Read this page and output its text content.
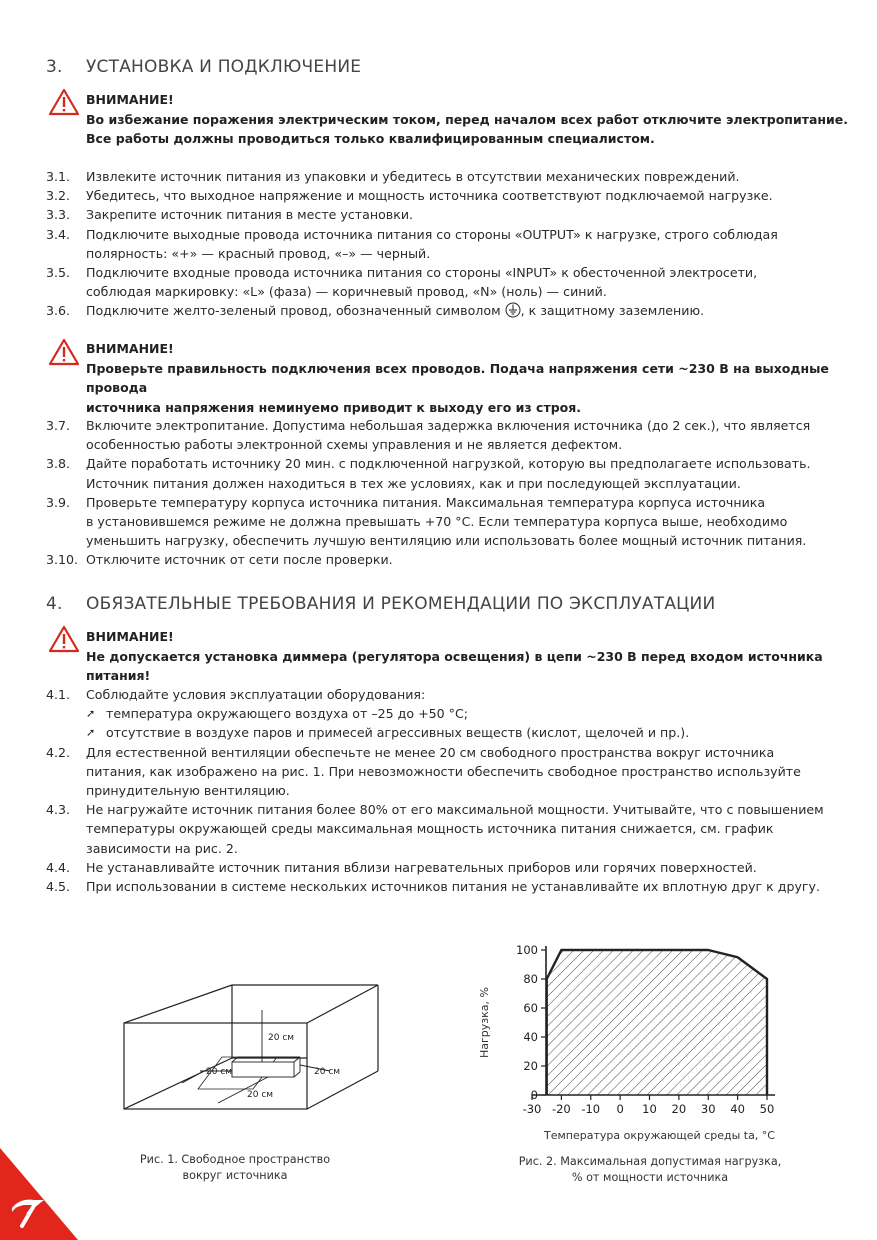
3. УСТАНОВКА И ПОДКЛЮЧЕНИЕ
ВНИМАНИЕ!
Во избежание поражения электрическим током, перед началом всех работ отключите электропитание.
Все работы должны проводиться только квалифицированным специалистом.
3.1. Извлеките источник питания из упаковки и убедитесь в отсутствии механических повреждений.
3.2. Убедитесь, что выходное напряжение и мощность источника соответствуют подключаемой нагрузке.
3.3. Закрепите источник питания в месте установки.
3.4. Подключите выходные провода источника питания со стороны «OUTPUT» к нагрузке, строго соблюдая
полярность: «+» — красный провод, «–» — черный.
3.5. Подключите входные провода источника питания со стороны «INPUT» к обесточенной электросети,
соблюдая маркировку: «L» (фаза) — коричневый провод, «N» (ноль) — синий.
3.6. Подключите желто-зеленый провод, обозначенный символом , к защитному заземлению.
ВНИМАНИЕ!
Проверьте правильность подключения всех проводов. Подача напряжения сети ~230 В на выходные провода
источника напряжения неминуемо приводит к выходу его из строя.
3.7. Включите электропитание. Допустима небольшая задержка включения источника (до 2 сек.), что является
особенностью работы электронной схемы управления и не является дефектом.
3.8. Дайте поработать источнику 20 мин. с подключенной нагрузкой, которую вы предполагаете использовать.
Источник питания должен находиться в тех же условиях, как и при последующей эксплуатации.
3.9. Проверьте температуру корпуса источника питания. Максимальная температура корпуса источника
в установившемся режиме не должна превышать +70 °С. Если температура корпуса выше, необходимо
уменьшить нагрузку, обеспечить лучшую вентиляцию или использовать более мощный источник питания.
3.10. Отключите источник от сети после проверки.
4. ОБЯЗАТЕЛЬНЫЕ ТРЕБОВАНИЯ И РЕКОМЕНДАЦИИ ПО ЭКСПЛУАТАЦИИ
ВНИМАНИЕ!
Не допускается установка диммера (регулятора освещения) в цепи ~230 В перед входом источника питания!
4.1. Соблюдайте условия эксплуатации оборудования:
➚ температура окружающего воздуха от –25 до +50 °С;
➚ отсутствие в воздухе паров и примесей агрессивных веществ (кислот, щелочей и пр.).
4.2. Для естественной вентиляции обеспечьте не менее 20 см свободного пространства вокруг источника
питания, как изображено на рис. 1. При невозможности обеспечить свободное пространство используйте
принудительную вентиляцию.
4.3. Не нагружайте источник питания более 80% от его максимальной мощности. Учитывайте, что с повышением
температуры окружающей среды максимальная мощность источника питания снижается, см. график
зависимости на рис. 2.
4.4. Не устанавливайте источник питания вблизи нагревательных приборов или горячих поверхностей.
4.5. При использовании в системе нескольких источников питания не устанавливайте их вплотную друг к другу.
20 см
20 см	20 см
20 см
Рис. 1. Свободное пространство
вокруг источника
0
20
40
60
80
100
-30 -20 -10 0 10 20 30 40 50
Нагрузка, %
Температура окружающей среды ta, °C
Рис. 2. Максимальная допустимая нагрузка,
% от мощности источника
